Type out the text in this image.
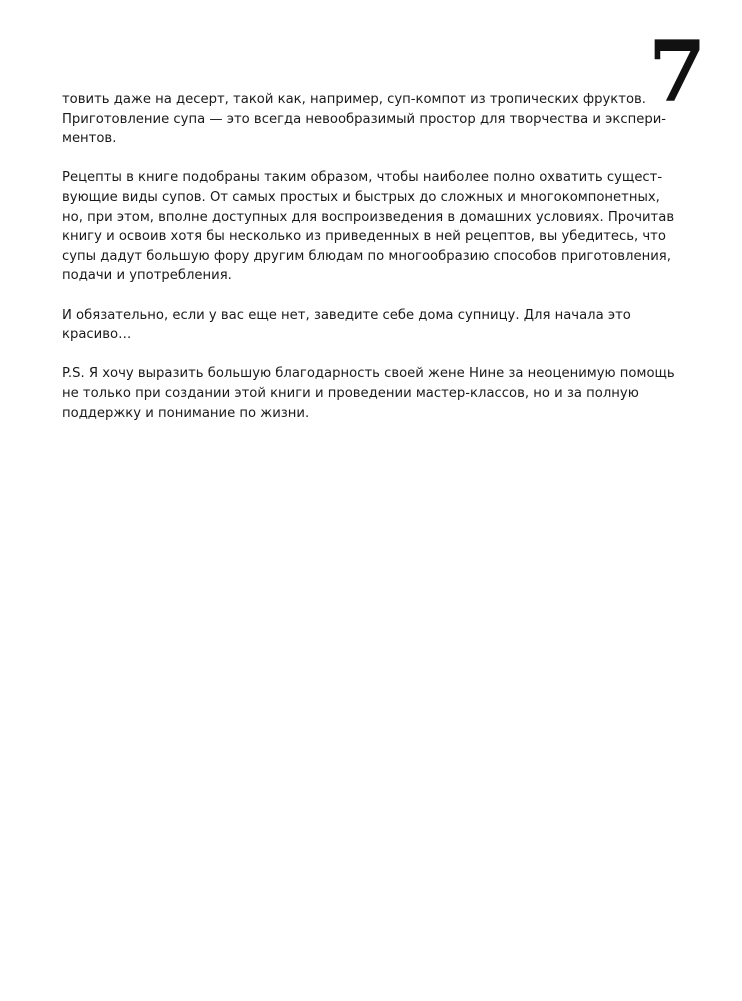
7

товить даже на десерт, такой как, например, суп-компот из тропических фруктов.
Приготовление супа — это всегда невообразимый простор для творчества и экспери-
ментов.

Рецепты в книге подобраны таким образом, чтобы наиболее полно охватить сущест-
вующие виды супов. От самых простых и быстрых до сложных и многокомпонетных,
но, при этом, вполне доступных для воспроизведения в домашних условиях. Прочитав
книгу и освоив хотя бы несколько из приведенных в ней рецептов, вы убедитесь, что
супы дадут большую фору другим блюдам по многообразию способов приготовления,
подачи и употребления.

И обязательно, если у вас еще нет, заведите себе дома супницу. Для начала это
красиво…

P.S. Я хочу выразить большую благодарность своей жене Нине за неоценимую помощь
не только при создании этой книги и проведении мастер-классов, но и за полную
поддержку и понимание по жизни.
